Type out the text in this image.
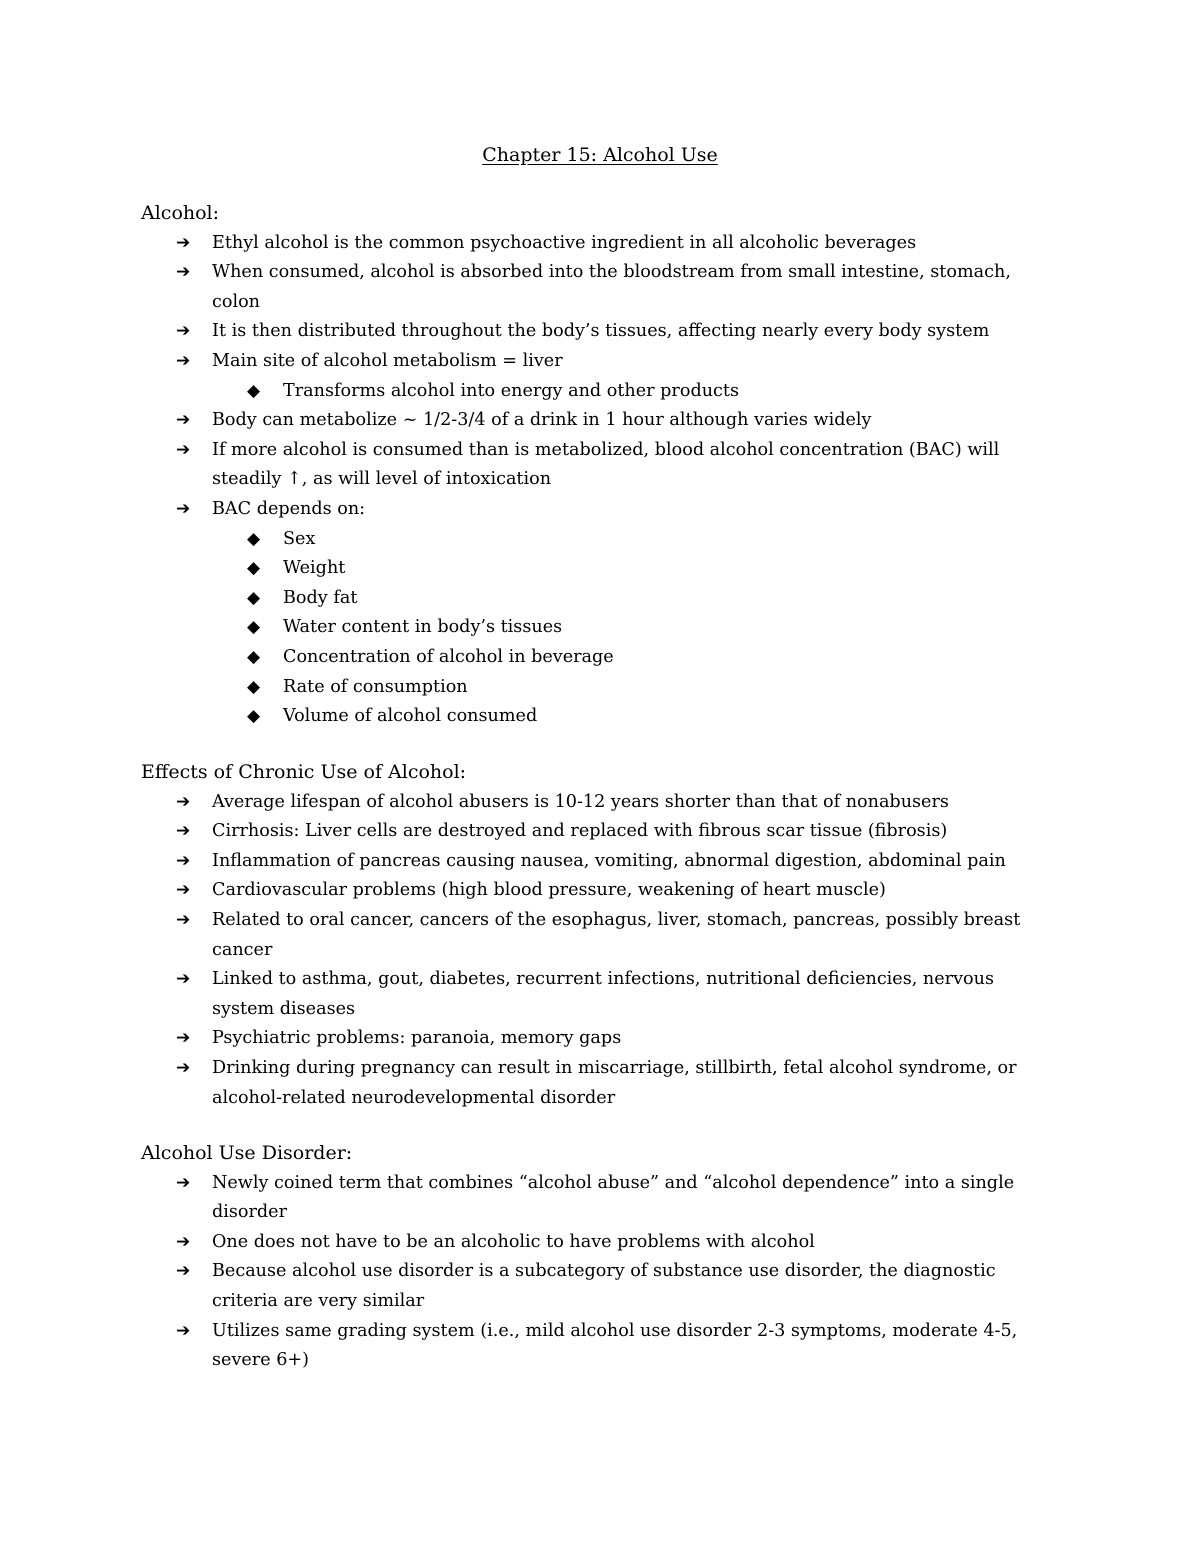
Chapter 15: Alcohol Use
Alcohol:
➔	Ethyl alcohol is the common psychoactive ingredient in all alcoholic beverages
➔	When consumed, alcohol is absorbed into the bloodstream from small intestine, stomach, colon
➔	It is then distributed throughout the body’s tissues, affecting nearly every body system
➔	Main site of alcohol metabolism = liver
◆	Transforms alcohol into energy and other products
➔	Body can metabolize ~ 1/2-3/4 of a drink in 1 hour although varies widely
➔	If more alcohol is consumed than is metabolized, blood alcohol concentration (BAC) will steadily ↑, as will level of intoxication
➔	BAC depends on:
◆	Sex
◆	Weight
◆	Body fat
◆	Water content in body’s tissues
◆	Concentration of alcohol in beverage
◆	Rate of consumption
◆	Volume of alcohol consumed
Effects of Chronic Use of Alcohol:
➔	Average lifespan of alcohol abusers is 10-12 years shorter than that of nonabusers
➔	Cirrhosis: Liver cells are destroyed and replaced with fibrous scar tissue (fibrosis)
➔	Inflammation of pancreas causing nausea, vomiting, abnormal digestion, abdominal pain
➔	Cardiovascular problems (high blood pressure, weakening of heart muscle)
➔	Related to oral cancer, cancers of the esophagus, liver, stomach, pancreas, possibly breast cancer
➔	Linked to asthma, gout, diabetes, recurrent infections, nutritional deficiencies, nervous system diseases
➔	Psychiatric problems: paranoia, memory gaps
➔	Drinking during pregnancy can result in miscarriage, stillbirth, fetal alcohol syndrome, or alcohol-related neurodevelopmental disorder
Alcohol Use Disorder:
➔	Newly coined term that combines “alcohol abuse” and “alcohol dependence” into a single disorder
➔	One does not have to be an alcoholic to have problems with alcohol
➔	Because alcohol use disorder is a subcategory of substance use disorder, the diagnostic criteria are very similar
➔	Utilizes same grading system (i.e., mild alcohol use disorder 2-3 symptoms, moderate 4-5, severe 6+)
